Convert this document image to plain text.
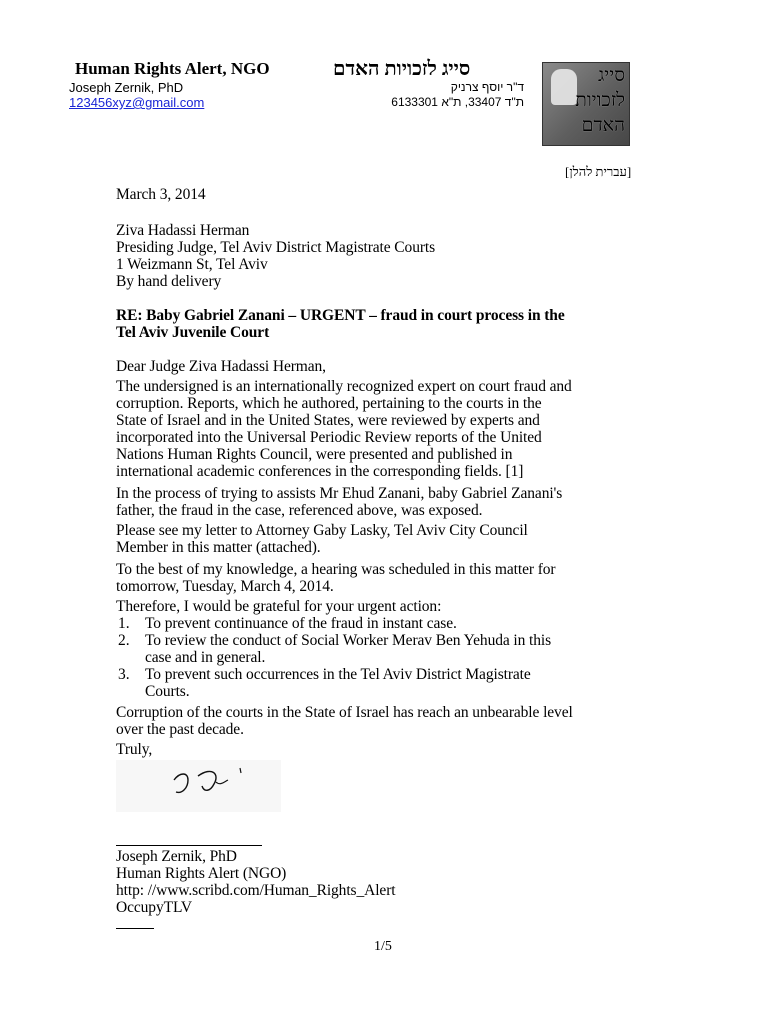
Human Rights Alert, NGO	סייג לזכויות האדם
Joseph Zernik, PhD	ד"ר יוסף צרניק
123456xyz@gmail.com	ת"ד 33407, ת"א 6133301
סייג
לזכויות
האדם
[עברית להלן]
March 3, 2014
Ziva Hadassi Herman
Presiding Judge, Tel Aviv District Magistrate Courts
1 Weizmann St, Tel Aviv
By hand delivery
RE: Baby Gabriel Zanani – URGENT – fraud in court process in the
Tel Aviv Juvenile Court
Dear Judge Ziva Hadassi Herman,
The undersigned is an internationally recognized expert on court fraud and
corruption. Reports, which he authored, pertaining to the courts in the
State of Israel and in the United States, were reviewed by experts and
incorporated into the Universal Periodic Review reports of the United
Nations Human Rights Council, were presented and published in
international academic conferences in the corresponding fields. [1]
In the process of trying to assists Mr Ehud Zanani, baby Gabriel Zanani's
father, the fraud in the case, referenced above, was exposed.
Please see my letter to Attorney Gaby Lasky, Tel Aviv City Council
Member in this matter (attached).
To the best of my knowledge, a hearing was scheduled in this matter for
tomorrow, Tuesday, March 4, 2014.
Therefore, I would be grateful for your urgent action:
1. To prevent continuance of the fraud in instant case.
2. To review the conduct of Social Worker Merav Ben Yehuda in this
case and in general.
3. To prevent such occurrences in the Tel Aviv District Magistrate
Courts.
Corruption of the courts in the State of Israel has reach an unbearable level
over the past decade.
Truly,
Joseph Zernik, PhD
Human Rights Alert (NGO)
http: //www.scribd.com/Human_Rights_Alert
OccupyTLV
1/5
